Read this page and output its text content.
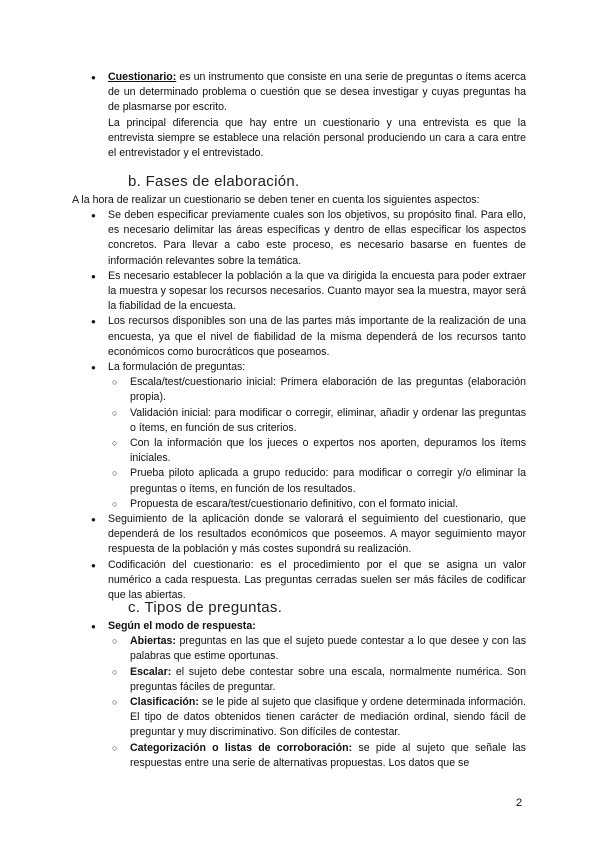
● Cuestionario: es un instrumento que consiste en una serie de preguntas o ítems acerca de un determinado problema o cuestión que se desea investigar y cuyas preguntas ha de plasmarse por escrito.

La principal diferencia que hay entre un cuestionario y una entrevista es que la entrevista siempre se establece una relación personal produciendo un cara a cara entre el entrevistador y el entrevistado.

b. Fases de elaboración.

A la hora de realizar un cuestionario se deben tener en cuenta los siguientes aspectos:

● Se deben especificar previamente cuales son los objetivos, su propósito final. Para ello, es necesario delimitar las áreas específicas y dentro de ellas especificar los aspectos concretos. Para llevar a cabo este proceso, es necesario basarse en fuentes de información relevantes sobre la temática.
● Es necesario establecer la población a la que va dirigida la encuesta para poder extraer la muestra y sopesar los recursos necesarios. Cuanto mayor sea la muestra, mayor será la fiabilidad de la encuesta.
● Los recursos disponibles son una de las partes más importante de la realización de una encuesta, ya que el nivel de fiabilidad de la misma dependerá de los recursos tanto económicos como burocráticos que poseamos.

● La formulación de preguntas:

○ Escala/test/cuestionario inicial: Primera elaboración de las preguntas (elaboración propia).
○ Validación inicial: para modificar o corregir, eliminar, añadir y ordenar las preguntas o ítems, en función de sus criterios.
○ Con la información que los jueces o expertos nos aporten, depuramos los ítems iniciales.
○ Prueba piloto aplicada a grupo reducido: para modificar o corregir y/o eliminar la preguntas o ítems, en función de los resultados.
○ Propuesta de escara/test/cuestionario definitivo, con el formato inicial.
● Seguimiento de la aplicación donde se valorará el seguimiento del cuestionario, que dependerá de los resultados económicos que poseemos. A mayor seguimiento mayor respuesta de la población y más costes supondrá su realización.
● Codificación del cuestionario: es el procedimiento por el que se asigna un valor numérico a cada respuesta. Las preguntas cerradas suelen ser más fáciles de codificar que las abiertas.
c. Tipos de preguntas.

● Según el modo de respuesta:

○ Abiertas: preguntas en las que el sujeto puede contestar a lo que desee y con las palabras que estime oportunas.
○ Escalar: el sujeto debe contestar sobre una escala, normalmente numérica. Son preguntas fáciles de preguntar.
○ Clasificación: se le pide al sujeto que clasifique y ordene determinada información. El tipo de datos obtenidos tienen carácter de mediación ordinal, siendo fácil de preguntar y muy discriminativo. Son difíciles de contestar.
○ Categorización o listas de corroboración: se pide al sujeto que señale las respuestas entre una serie de alternativas propuestas. Los datos que se
2
